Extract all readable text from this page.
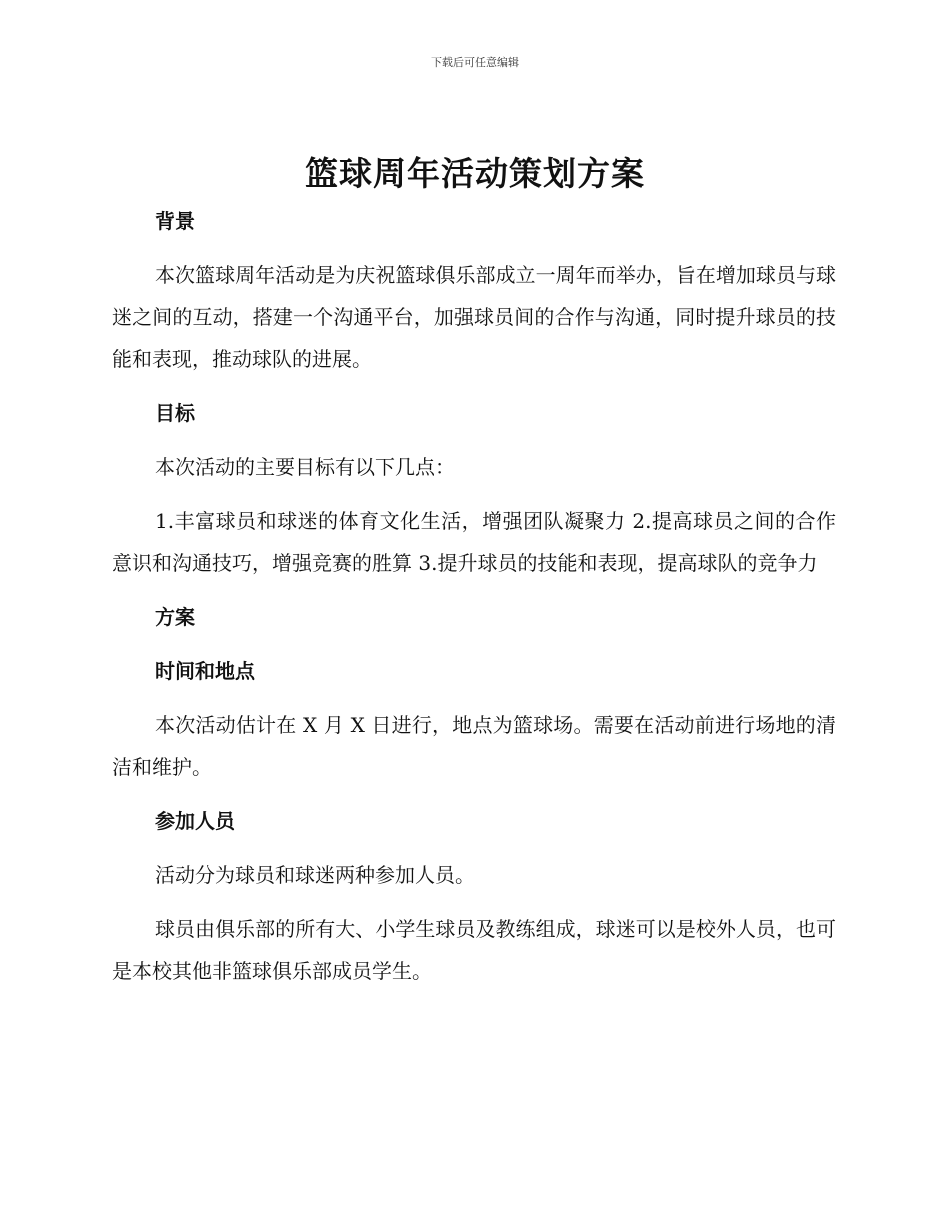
下载后可任意编辑
篮球周年活动策划方案
背景

本次篮球周年活动是为庆祝篮球俱乐部成立一周年而举办，旨在增加球员与球迷之间的互动，搭建一个沟通平台，加强球员间的合作与沟通，同时提升球员的技能和表现，推动球队的进展。

目标

本次活动的主要目标有以下几点：

1.丰富球员和球迷的体育文化生活，增强团队凝聚力 2.提高球员之间的合作意识和沟通技巧，增强竞赛的胜算 3.提升球员的技能和表现，提高球队的竞争力

方案
时间和地点

本次活动估计在 X 月 X 日进行，地点为篮球场。需要在活动前进行场地的清洁和维护。

参加人员

活动分为球员和球迷两种参加人员。

球员由俱乐部的所有大、小学生球员及教练组成，球迷可以是校外人员，也可是本校其他非篮球俱乐部成员学生。
